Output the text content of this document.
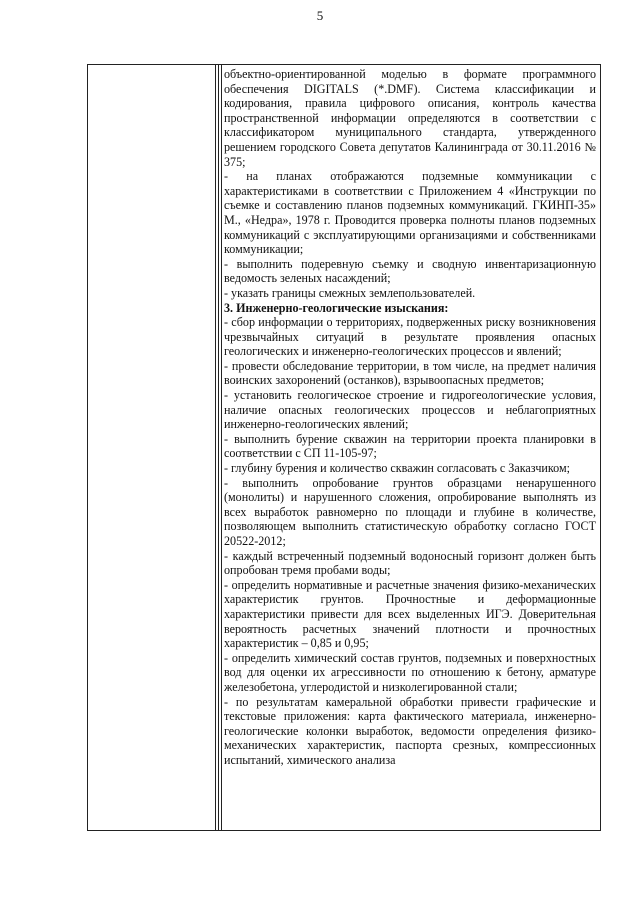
5

объектно-ориентированной моделью в формате программного обеспечения DIGITALS (*.DMF). Система классификации и кодирования, правила цифрового описания, контроль качества пространственной информации определяются в соответствии с классификатором муниципального стандарта, утвержденного решением городского Совета депутатов Калининграда от 30.11.2016 № 375;

- на планах отображаются подземные коммуникации с характеристиками в соответствии с Приложением 4 «Инструкции по съемке и составлению планов подземных коммуникаций. ГКИНП-35» М., «Недра», 1978 г. Проводится проверка полноты планов подземных коммуникаций с эксплуатирующими организациями и собственниками коммуникации;

- выполнить подеревную съемку и сводную инвентаризационную ведомость зеленых насаждений;

- указать границы смежных землепользователей.

3. Инженерно-геологические изыскания:

- сбор информации о территориях, подверженных риску возникновения чрезвычайных ситуаций в результате проявления опасных геологических и инженерно-геологических процессов и явлений;

- провести обследование территории, в том числе, на предмет наличия воинских захоронений (останков), взрывоопасных предметов;

- установить геологическое строение и гидрогеологические условия, наличие опасных геологических процессов и неблагоприятных инженерно-геологических явлений;

- выполнить бурение скважин на территории проекта планировки в соответствии с СП 11-105-97;

- глубину бурения и количество скважин согласовать с Заказчиком;

- выполнить опробование грунтов образцами ненарушенного (монолиты) и нарушенного сложения, опробирование выполнять из всех выработок равномерно по площади и глубине в количестве, позволяющем выполнить статистическую обработку согласно ГОСТ 20522-2012;

- каждый встреченный подземный водоносный горизонт должен быть опробован тремя пробами воды;

- определить нормативные и расчетные значения физико-механических характеристик грунтов. Прочностные и деформационные характеристики привести для всех выделенных ИГЭ. Доверительная вероятность расчетных значений плотности и прочностных характеристик – 0,85 и 0,95;

- определить химический состав грунтов, подземных и поверхностных вод для оценки их агрессивности по отношению к бетону, арматуре железобетона, углеродистой и низколегированной стали;

- по результатам камеральной обработки привести графические и текстовые приложения: карта фактического материала, инженерно-геологические колонки выработок, ведомости определения физико-механических характеристик, паспорта срезных, компрессионных испытаний, химического анализа
